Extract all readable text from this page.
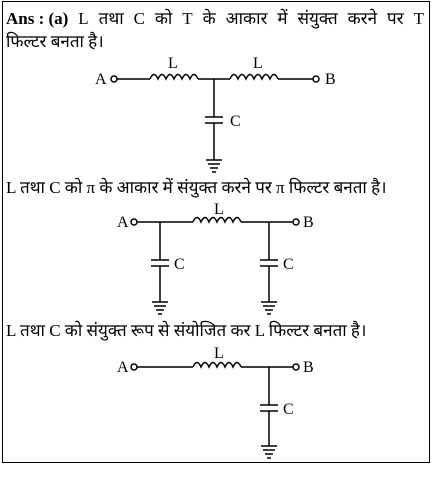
Ans : (a) L तथा C को T के आकार में संयुक्त करने पर T
फिल्टर बनता है।
A
L	L
B
C
L तथा C को π के आकार में संयुक्त करने पर π फिल्टर बनता है।
A
L
B
C	C
L तथा C को संयुक्त रूप से संयोजित कर L फिल्टर बनता है।
A
L
B
C
